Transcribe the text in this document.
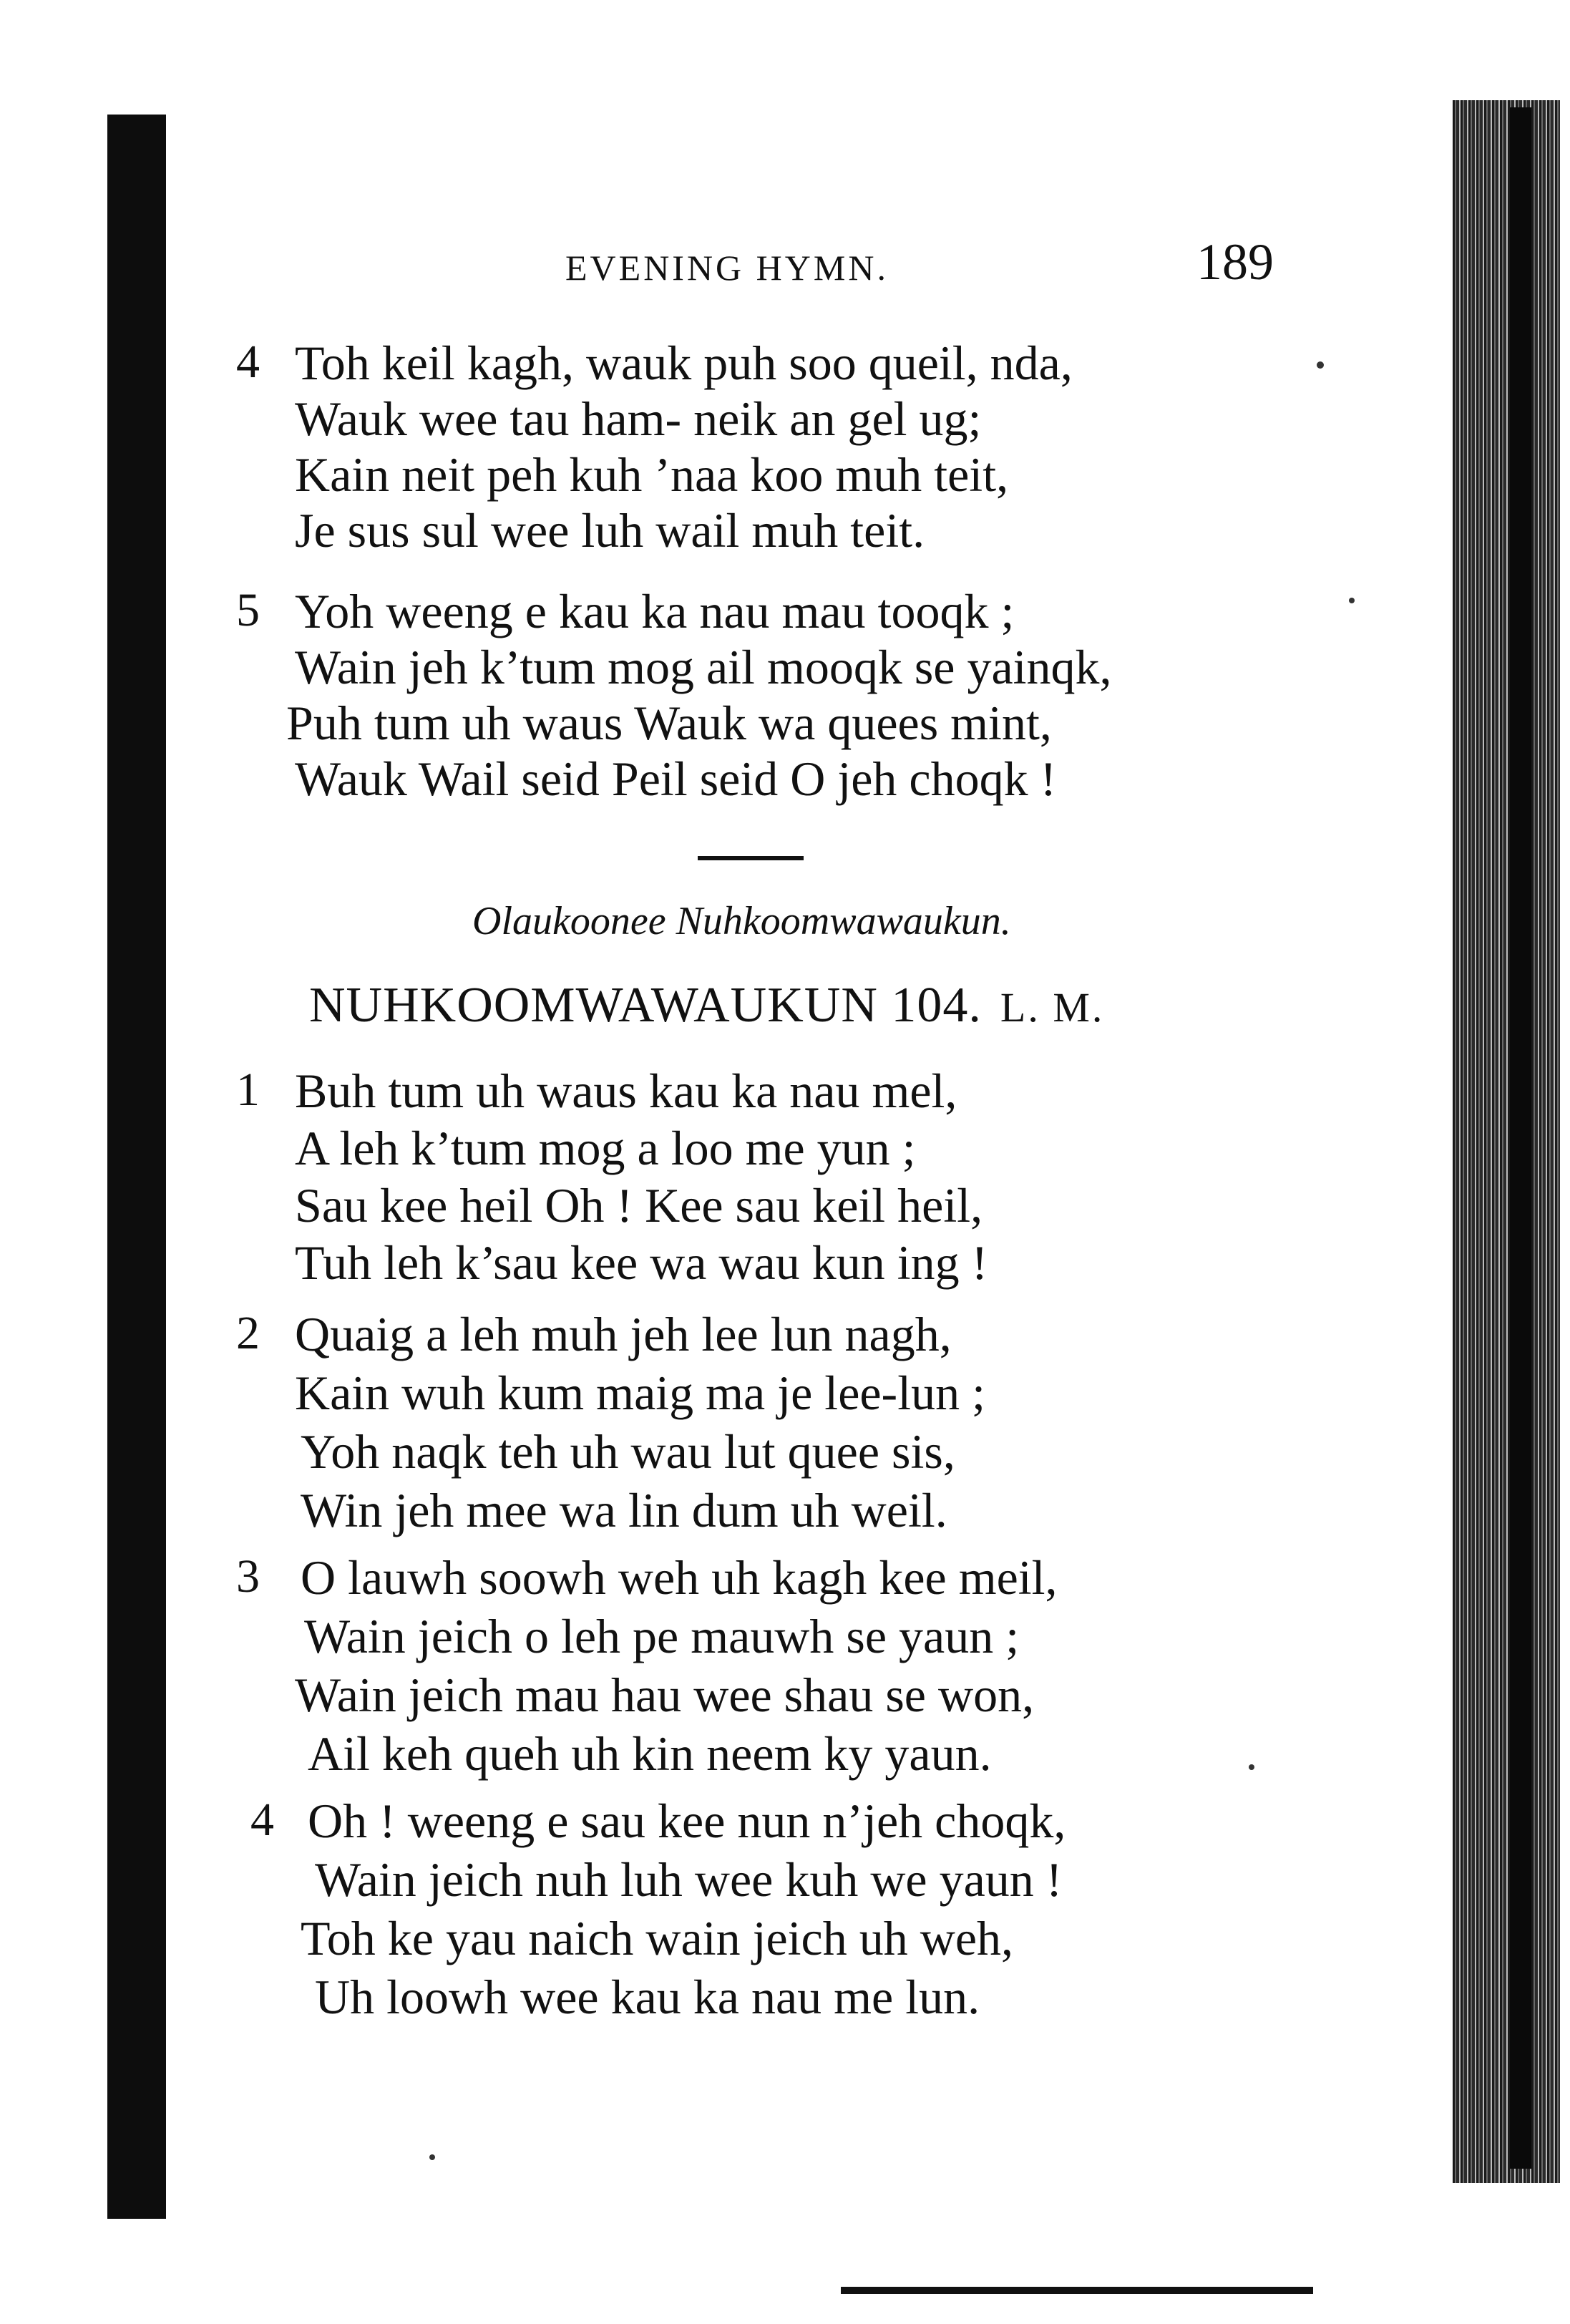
EVENING HYMN.	189
4 Toh keil kagh, wauk puh soo queil, nda,
Wauk wee tau ham- neik an gel ug;
Kain neit peh kuh ’naa koo muh teit,
Je sus sul wee luh wail muh teit.
5 Yoh weeng e kau ka nau mau tooqk ;
Wain jeh k’tum mog ail mooqk se yainqk,
Puh tum uh waus Wauk wa quees mint,
Wauk Wail seid Peil seid O jeh choqk !
Olaukoonee Nuhkoomwawaukun.
NUHKOOMWAWAUKUN 104. L. M.
1 Buh tum uh waus kau ka nau mel,
A leh k’tum mog a loo me yun ;
Sau kee heil Oh ! Kee sau keil heil,
Tuh leh k’sau kee wa wau kun ing !
2 Quaig a leh muh jeh lee lun nagh,
Kain wuh kum maig ma je lee-lun ;
Yoh naqk teh uh wau lut quee sis,
Win jeh mee wa lin dum uh weil.
3 O lauwh soowh weh uh kagh kee meil,
Wain jeich o leh pe mauwh se yaun ;
Wain jeich mau hau wee shau se won,
Ail keh queh uh kin neem ky yaun.
4 Oh ! weeng e sau kee nun n’jeh choqk,
Wain jeich nuh luh wee kuh we yaun !
Toh ke yau naich wain jeich uh weh,
Uh loowh wee kau ka nau me lun.
